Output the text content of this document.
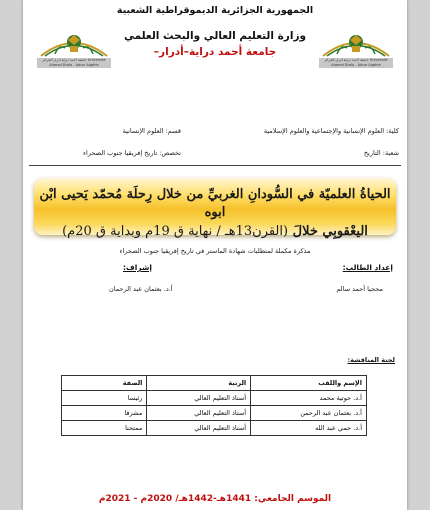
الجمهورية الجزائرية الديموقراطية الشعبية
وزارة التعليم العالي والبحث العلمي
جامعة أحمد دراية–أدرار–
جامعة أحمد دراية أدرار الجزائر Université Ahmed Draïa - Adrar Algérie
جامعة أحمد دراية أدرار الجزائر Université Ahmed Draïa - Adrar Algérie
كلية: العلوم الإنسانية والإجتماعية والعلوم الإسلامية
قسم: العلوم الإنسانية
شعبة: التاريخ
تخصص: تاريخ إفريقيا جنوب الصحراء
الحياةُ العلميّة في السُّودانِ الغربيِّ من خلال رِحلَة مُحمّد يَحيى ابْن ابوه
اليعْقوبِي خلالَ (القرن13هـ / نهاية ق 19م وبداية ق 20م)
مذكرة مكملة لمتطلبات شهادة الماستر في تاريخ إفريقيا جنوب الصحراء
إعداد الطالب:
محجبا أحمد سالم
إشراف:
أ.د. بعثمان عبد الرحمان
لجنة المناقشة:
الإسم واللقب	الرتبة	الصفة
أ.د. حوتية محمد	أستاذ التعليم العالي	رئيسا
أ.د. بعثمان عبد الرحمن	أستاذ التعليم العالي	مشرفا
أ.د. حمي عبد الله	أستاذ التعليم العالي	ممتحنا
الموسم الجامعي: 1441هـ-1442هـ/ 2020م - 2021م
